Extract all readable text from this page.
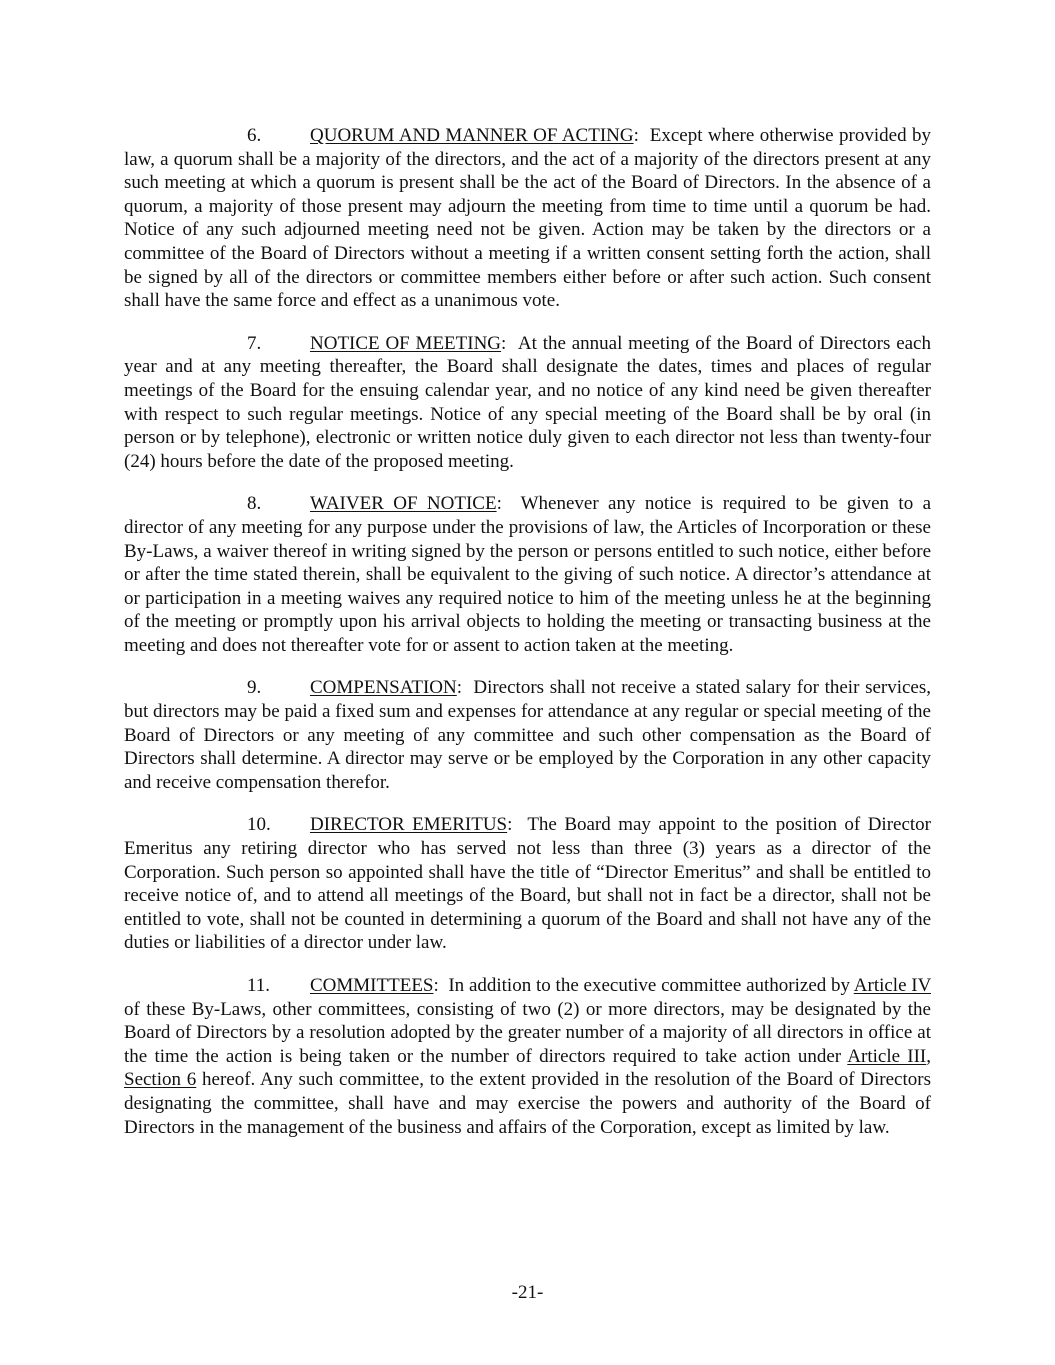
6.	QUORUM AND MANNER OF ACTING:  Except where otherwise provided by law, a quorum shall be a majority of the directors, and the act of a majority of the directors present at any such meeting at which a quorum is present shall be the act of the Board of Directors. In the absence of a quorum, a majority of those present may adjourn the meeting from time to time until a quorum be had. Notice of any such adjourned meeting need not be given. Action may be taken by the directors or a committee of the Board of Directors without a meeting if a written consent setting forth the action, shall be signed by all of the directors or committee members either before or after such action. Such consent shall have the same force and effect as a unanimous vote.

7.	NOTICE OF MEETING:  At the annual meeting of the Board of Directors each year and at any meeting thereafter, the Board shall designate the dates, times and places of regular meetings of the Board for the ensuing calendar year, and no notice of any kind need be given thereafter with respect to such regular meetings. Notice of any special meeting of the Board shall be by oral (in person or by telephone), electronic or written notice duly given to each director not less than twenty-four (24) hours before the date of the proposed meeting.

8.	WAIVER OF NOTICE:  Whenever any notice is required to be given to a director of any meeting for any purpose under the provisions of law, the Articles of Incorporation or these By-Laws, a waiver thereof in writing signed by the person or persons entitled to such notice, either before or after the time stated therein, shall be equivalent to the giving of such notice. A director’s attendance at or participation in a meeting waives any required notice to him of the meeting unless he at the beginning of the meeting or promptly upon his arrival objects to holding the meeting or transacting business at the meeting and does not thereafter vote for or assent to action taken at the meeting.

9.	COMPENSATION:  Directors shall not receive a stated salary for their services, but directors may be paid a fixed sum and expenses for attendance at any regular or special meeting of the Board of Directors or any meeting of any committee and such other compensation as the Board of Directors shall determine. A director may serve or be employed by the Corporation in any other capacity and receive compensation therefor.

10. DIRECTOR EMERITUS:  The Board may appoint to the position of Director Emeritus any retiring director who has served not less than three (3) years as a director of the Corporation. Such person so appointed shall have the title of “Director Emeritus” and shall be entitled to receive notice of, and to attend all meetings of the Board, but shall not in fact be a director, shall not be entitled to vote, shall not be counted in determining a quorum of the Board and shall not have any of the duties or liabilities of a director under law.

11. COMMITTEES:  In addition to the executive committee authorized by Article IV of these By-Laws, other committees, consisting of two (2) or more directors, may be designated by the Board of Directors by a resolution adopted by the greater number of a majority of all directors in office at the time the action is being taken or the number of directors required to take action under Article III, Section 6 hereof. Any such committee, to the extent provided in the resolution of the Board of Directors designating the committee, shall have and may exercise the powers and authority of the Board of Directors in the management of the business and affairs of the Corporation, except as limited by law.

-21-
